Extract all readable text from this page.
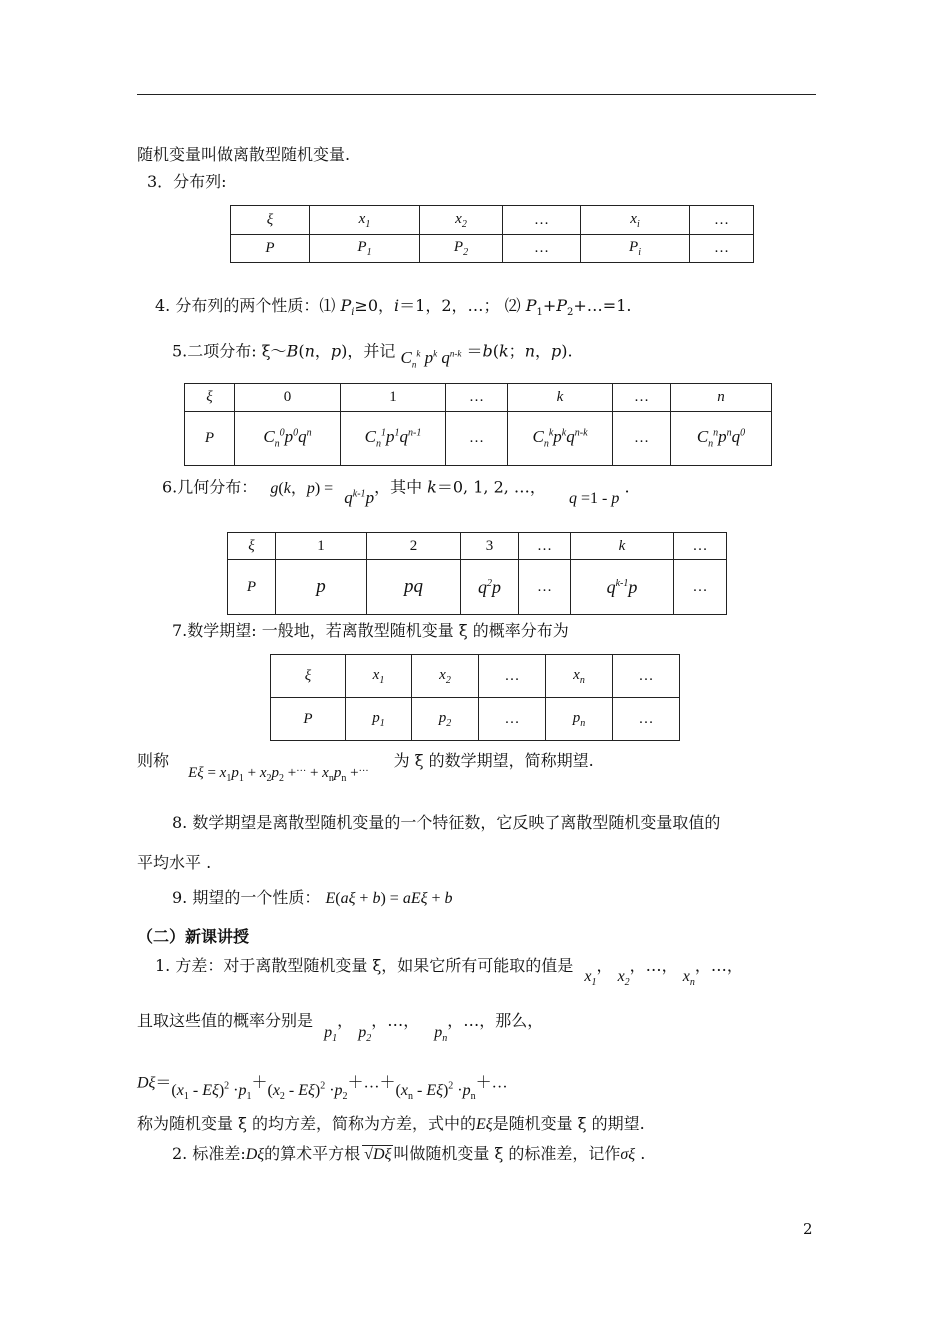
随机变量叫做离散型随机变量.
3．分布列:
ξ	$x_1$	$x_2$	…	$x_i$	…
P	$P_1$	$P_2$	…	$P_i$	…
4. 分布列的两个性质：⑴ $P_i\ge 0$，i＝1，2，…； ⑵ $P_1+P_2+\dots=1$.
5.二项分布: ξ～B(n，p)，并记 $C_n^k$ $p^k$ $q^{n-k} =b(k$；n，p).
ξ	0	1	…	k	…	n
P	$C_n^0p^0q^n$	$C_n^1p^1q^{n-1}$	…	$C_n^kp^kq^{n-k}$	…	$C_n^np^nq^0$
6.几何分布： g(k，$p) = q^{k-1}p$，其中 k＝0, 1, 2, …， q =1 - p .
ξ	1	2	3	…	k	…
P	p	pq	$q^2p$	…	$q^{k-1}p$	…
7.数学期望: 一般地，若离散型随机变量 ξ 的概率分布为
ξ	$x_1$	$x_2$	…	$x_n$	…
P	$p_1$	$p_2$	…	$p_n$	…
则称 $E\xi = x_1p_1 + x_2p_2 +^\dots + x_np_n +^\dots$ 为 ξ 的数学期望，简称期望.
8. 数学期望是离散型随机变量的一个特征数，它反映了离散型随机变量取值的
平均水平 .
9. 期望的一个性质： E(aξ + b) = aEξ + b
（二）新课讲授
1. 方差：对于离散型随机变量 ξ，如果它所有可能取的值是 $x_1$， $x_2$，…， $x_n$，…，
且取这些值的概率分别是 $p_1$， $p_2$，…， $p_n$，…，那么，
$D\xi=(x_1 - E\xi)^2 \cdot p_1+(x_2 - E\xi)^2$ $\cdot p_2+\dots+(x_n - E\xi)^2$ $\cdot p_n+\dots$
称为随机变量 ξ 的均方差，简称为方差，式中的Eξ是随机变量 ξ 的期望.
2. 标准差:Dξ的算术平方根 √Dξ 叫做随机变量 ξ 的标准差，记作σξ .
2
